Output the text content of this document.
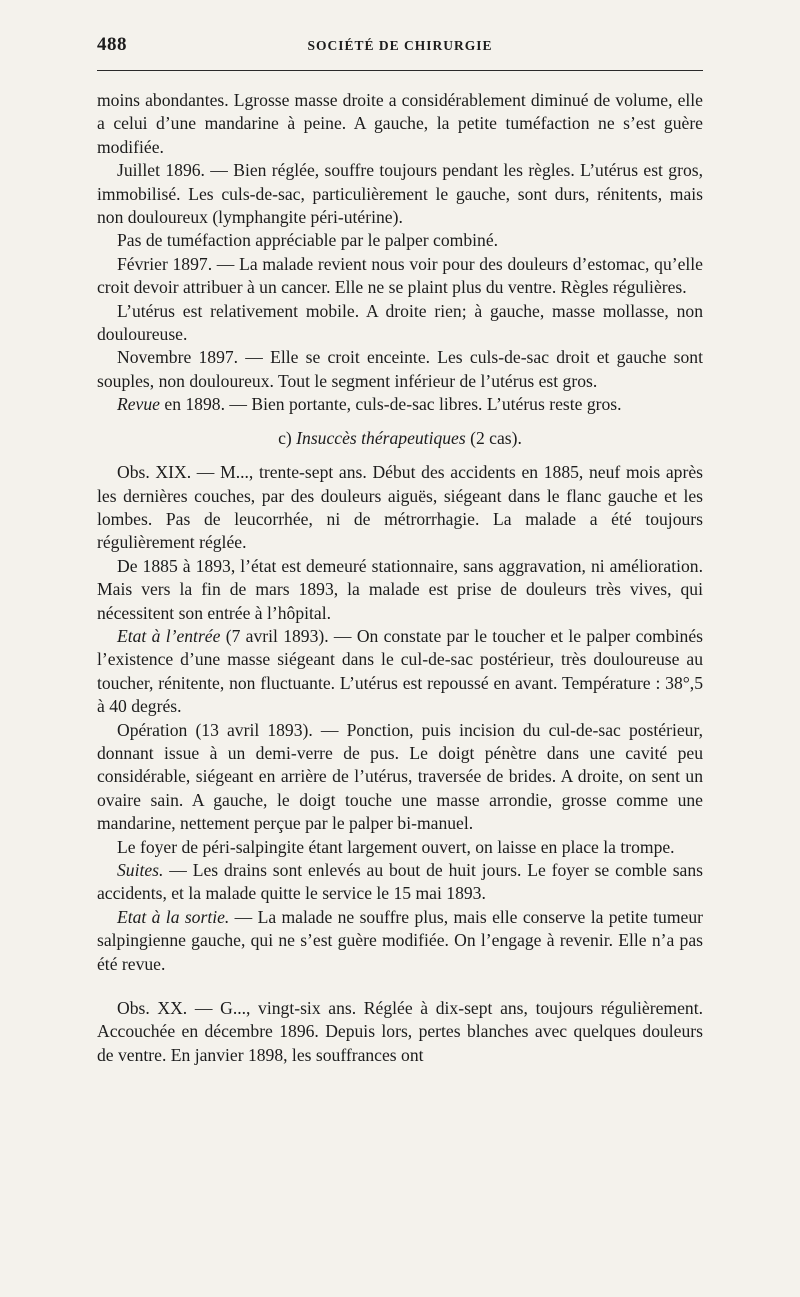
488	SOCIÉTÉ DE CHIRURGIE

moins abondantes. Lgrosse masse droite a considérablement diminué de volume, elle a celui d’une mandarine à peine. A gauche, la petite tuméfaction ne s’est guère modifiée.

Juillet 1896. — Bien réglée, souffre toujours pendant les règles. L’utérus est gros, immobilisé. Les culs-de-sac, particulièrement le gauche, sont durs, rénitents, mais non douloureux (lymphangite péri-utérine).

Pas de tuméfaction appréciable par le palper combiné.

Février 1897. — La malade revient nous voir pour des douleurs d’estomac, qu’elle croit devoir attribuer à un cancer. Elle ne se plaint plus du ventre. Règles régulières.

L’utérus est relativement mobile. A droite rien; à gauche, masse mollasse, non douloureuse.

Novembre 1897. — Elle se croit enceinte. Les culs-de-sac droit et gauche sont souples, non douloureux. Tout le segment inférieur de l’utérus est gros.

Revue en 1898. — Bien portante, culs-de-sac libres. L’utérus reste gros.

c) Insuccès thérapeutiques (2 cas).

Obs. XIX. — M..., trente-sept ans. Début des accidents en 1885, neuf mois après les dernières couches, par des douleurs aiguës, siégeant dans le flanc gauche et les lombes. Pas de leucorrhée, ni de métrorrhagie. La malade a été toujours régulièrement réglée.

De 1885 à 1893, l’état est demeuré stationnaire, sans aggravation, ni amélioration. Mais vers la fin de mars 1893, la malade est prise de douleurs très vives, qui nécessitent son entrée à l’hôpital.

Etat à l’entrée (7 avril 1893). — On constate par le toucher et le palper combinés l’existence d’une masse siégeant dans le cul-de-sac postérieur, très douloureuse au toucher, rénitente, non fluctuante. L’utérus est repoussé en avant. Température : 38°,5 à 40 degrés.

Opération (13 avril 1893). — Ponction, puis incision du cul-de-sac postérieur, donnant issue à un demi-verre de pus. Le doigt pénètre dans une cavité peu considérable, siégeant en arrière de l’utérus, traversée de brides. A droite, on sent un ovaire sain. A gauche, le doigt touche une masse arrondie, grosse comme une mandarine, nettement perçue par le palper bi-manuel.

Le foyer de péri-salpingite étant largement ouvert, on laisse en place la trompe.

Suites. — Les drains sont enlevés au bout de huit jours. Le foyer se comble sans accidents, et la malade quitte le service le 15 mai 1893.

Etat à la sortie. — La malade ne souffre plus, mais elle conserve la petite tumeur salpingienne gauche, qui ne s’est guère modifiée. On l’engage à revenir. Elle n’a pas été revue.

Obs. XX. — G..., vingt-six ans. Réglée à dix-sept ans, toujours régulièrement. Accouchée en décembre 1896. Depuis lors, pertes blanches avec quelques douleurs de ventre. En janvier 1898, les souffrances ont
